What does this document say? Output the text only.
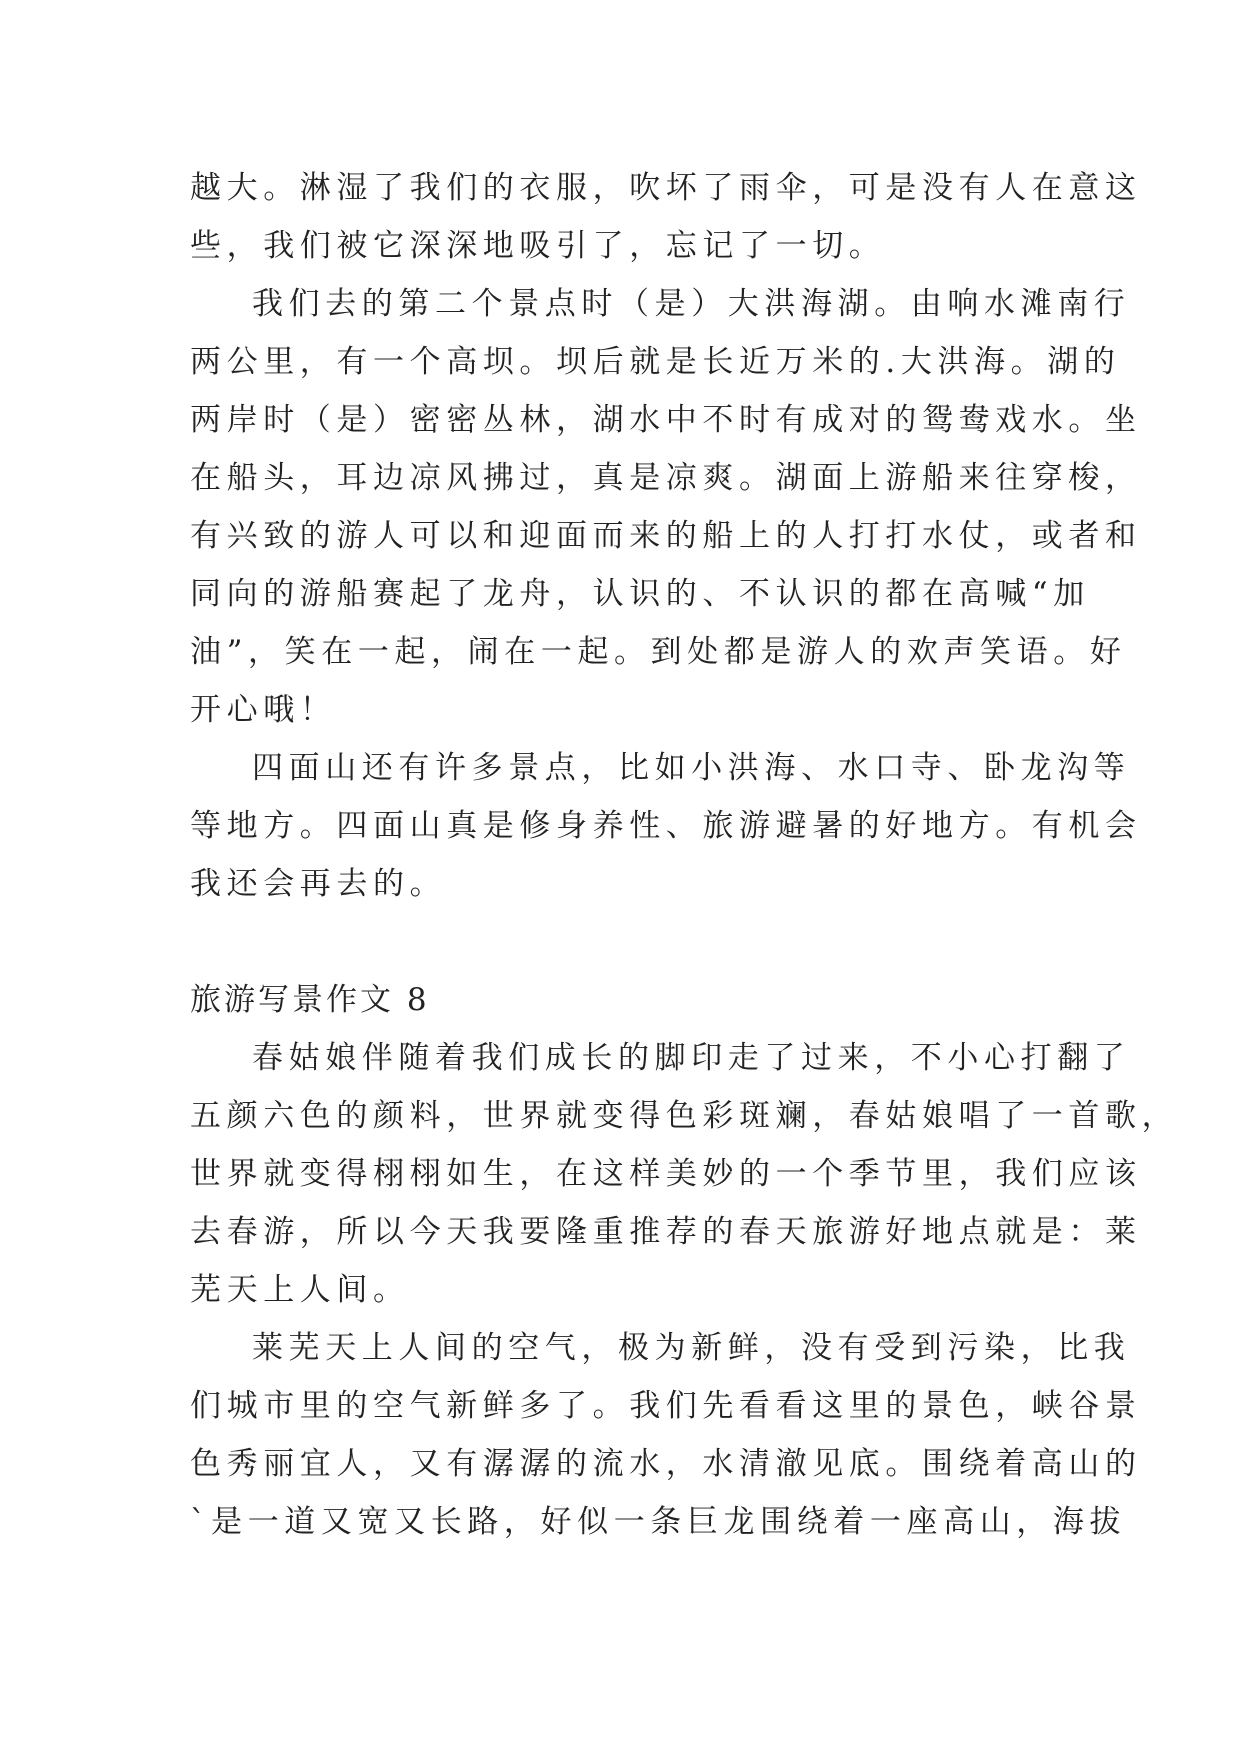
越大。淋湿了我们的衣服，吹坏了雨伞，可是没有人在意这
些，我们被它深深地吸引了，忘记了一切。
我们去的第二个景点时（是）大洪海湖。由响水滩南行
两公里，有一个高坝。坝后就是长近万米的.大洪海。湖的
两岸时（是）密密丛林，湖水中不时有成对的鸳鸯戏水。坐
在船头，耳边凉风拂过，真是凉爽。湖面上游船来往穿梭，
有兴致的游人可以和迎面而来的船上的人打打水仗，或者和
同向的游船赛起了龙舟，认识的、不认识的都在高喊“加
油”，笑在一起，闹在一起。到处都是游人的欢声笑语。好
开心哦！
四面山还有许多景点，比如小洪海、水口寺、卧龙沟等
等地方。四面山真是修身养性、旅游避暑的好地方。有机会
我还会再去的。
旅游写景作文 8
春姑娘伴随着我们成长的脚印走了过来，不小心打翻了
五颜六色的颜料，世界就变得色彩斑斓，春姑娘唱了一首歌，
世界就变得栩栩如生，在这样美妙的一个季节里，我们应该
去春游，所以今天我要隆重推荐的春天旅游好地点就是：莱
芜天上人间。
莱芜天上人间的空气，极为新鲜，没有受到污染，比我
们城市里的空气新鲜多了。我们先看看这里的景色，峡谷景
色秀丽宜人，又有潺潺的流水，水清澈见底。围绕着高山的
`是一道又宽又长路，好似一条巨龙围绕着一座高山，海拔
